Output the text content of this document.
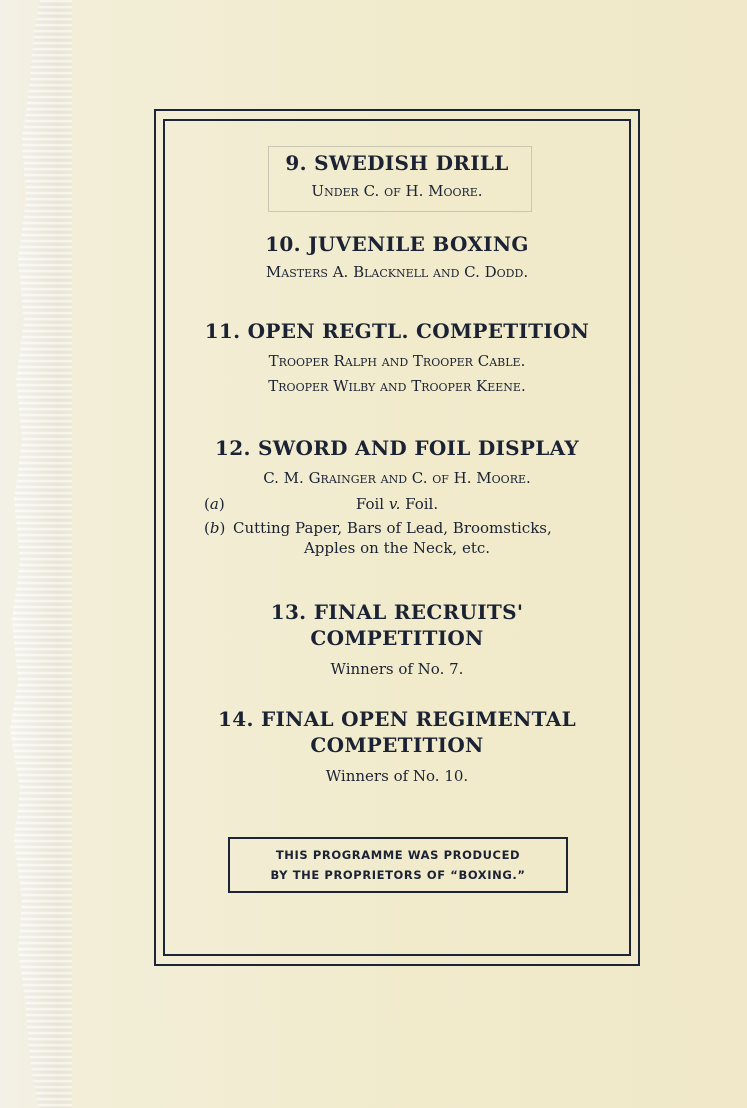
9. SWEDISH DRILL
Under C. of H. Moore.
10. JUVENILE BOXING
Masters A. Blacknell and C. Dodd.
11. OPEN REGTL. COMPETITION
Trooper Ralph and Trooper Cable.
Trooper Wilby and Trooper Keene.
12. SWORD AND FOIL DISPLAY
C. M. Grainger and C. of H. Moore.
(a)	Foil v. Foil.
(b) Cutting Paper, Bars of Lead, Broomsticks,
Apples on the Neck, etc.
13. FINAL RECRUITS'
COMPETITION
Winners of No. 7.
14. FINAL OPEN REGIMENTAL
COMPETITION
Winners of No. 10.
THIS PROGRAMME WAS PRODUCED
BY THE PROPRIETORS OF “BOXING.”
